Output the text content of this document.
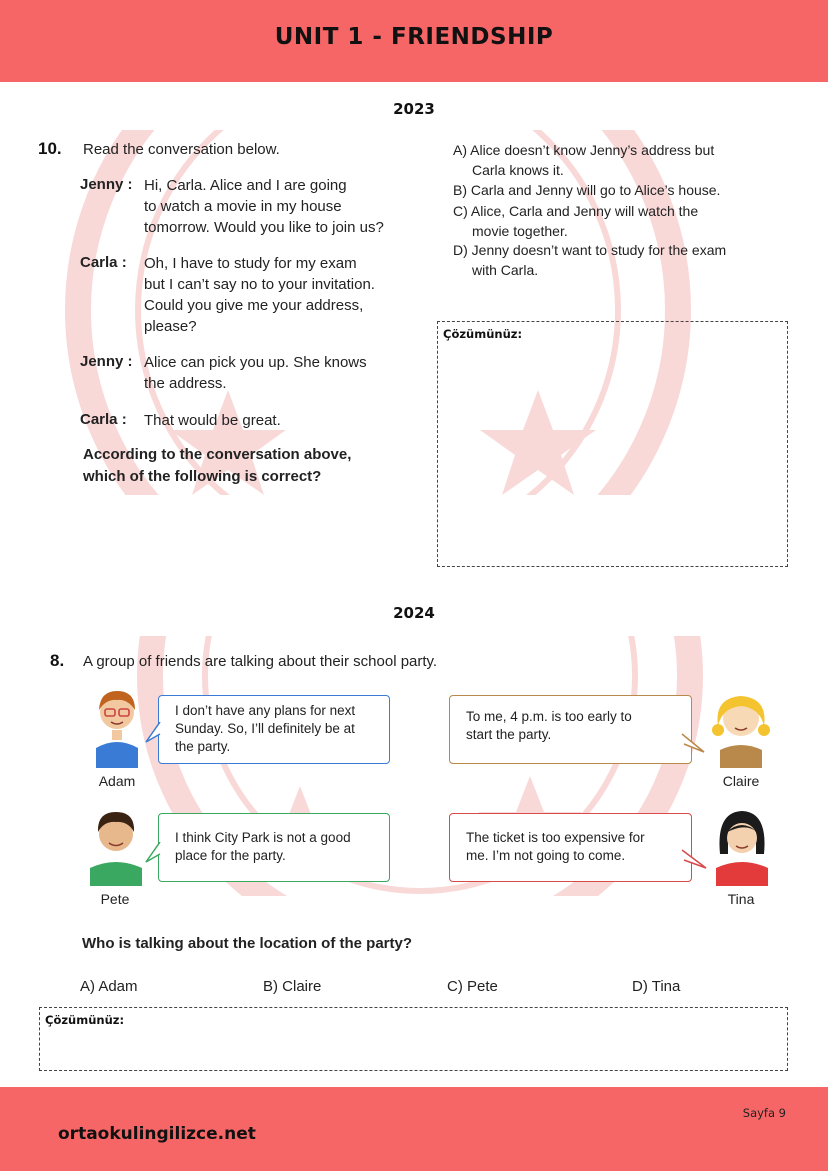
UNIT 1 - FRIENDSHIP
2023
10. Read the conversation below.
Jenny : Hi, Carla. Alice and I are going
to watch a movie in my house
tomorrow. Would you like to join us?
Carla : Oh, I have to study for my exam
but I can’t say no to your invitation.
Could you give me your address,
please?
Jenny : Alice can pick you up. She knows
the address.
Carla : That would be great.
According to the conversation above,
which of the following is correct?
A) Alice doesn’t know Jenny’s address but
Carla knows it.
B) Carla and Jenny will go to Alice’s house.
C) Alice, Carla and Jenny will watch the
movie together.
D) Jenny doesn’t want to study for the exam
with Carla.
Çözümünüz:
2024
8. A group of friends are talking about their school party.
Adam
I don’t have any plans for next
Sunday. So, I’ll definitely be at
the party.
Claire
To me, 4 p.m. is too early to
start the party.
Pete
I think City Park is not a good
place for the party.
Tina
The ticket is too expensive for
me. I’m not going to come.
Who is talking about the location of the party?
A) Adam	B) Claire	C) Pete	D) Tina
Çözümünüz:
Sayfa 9
ortaokulingilizce.net
